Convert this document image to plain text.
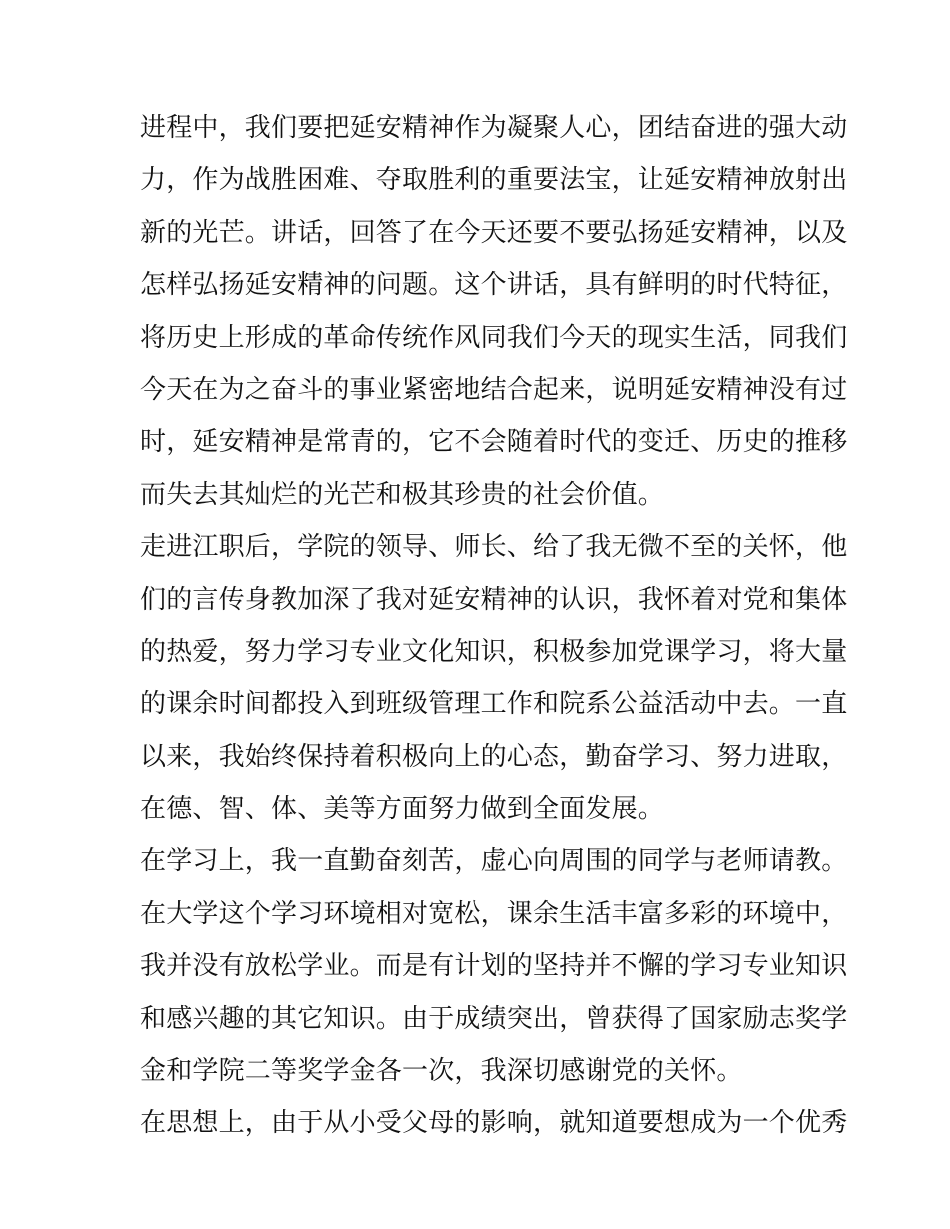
进程中，我们要把延安精神作为凝聚人心，团结奋进的强大动
力，作为战胜困难、夺取胜利的重要法宝，让延安精神放射出
新的光芒。讲话，回答了在今天还要不要弘扬延安精神，以及
怎样弘扬延安精神的问题。这个讲话，具有鲜明的时代特征，
将历史上形成的革命传统作风同我们今天的现实生活，同我们
今天在为之奋斗的事业紧密地结合起来，说明延安精神没有过
时，延安精神是常青的，它不会随着时代的变迁、历史的推移
而失去其灿烂的光芒和极其珍贵的社会价值。
走进江职后，学院的领导、师长、给了我无微不至的关怀，他
们的言传身教加深了我对延安精神的认识，我怀着对党和集体
的热爱，努力学习专业文化知识，积极参加党课学习，将大量
的课余时间都投入到班级管理工作和院系公益活动中去。一直
以来，我始终保持着积极向上的心态，勤奋学习、努力进取，
在德、智、体、美等方面努力做到全面发展。
在学习上，我一直勤奋刻苦，虚心向周围的同学与老师请教。
在大学这个学习环境相对宽松，课余生活丰富多彩的环境中，
我并没有放松学业。而是有计划的坚持并不懈的学习专业知识
和感兴趣的其它知识。由于成绩突出，曾获得了国家励志奖学
金和学院二等奖学金各一次，我深切感谢党的关怀。
在思想上，由于从小受父母的影响，就知道要想成为一个优秀
